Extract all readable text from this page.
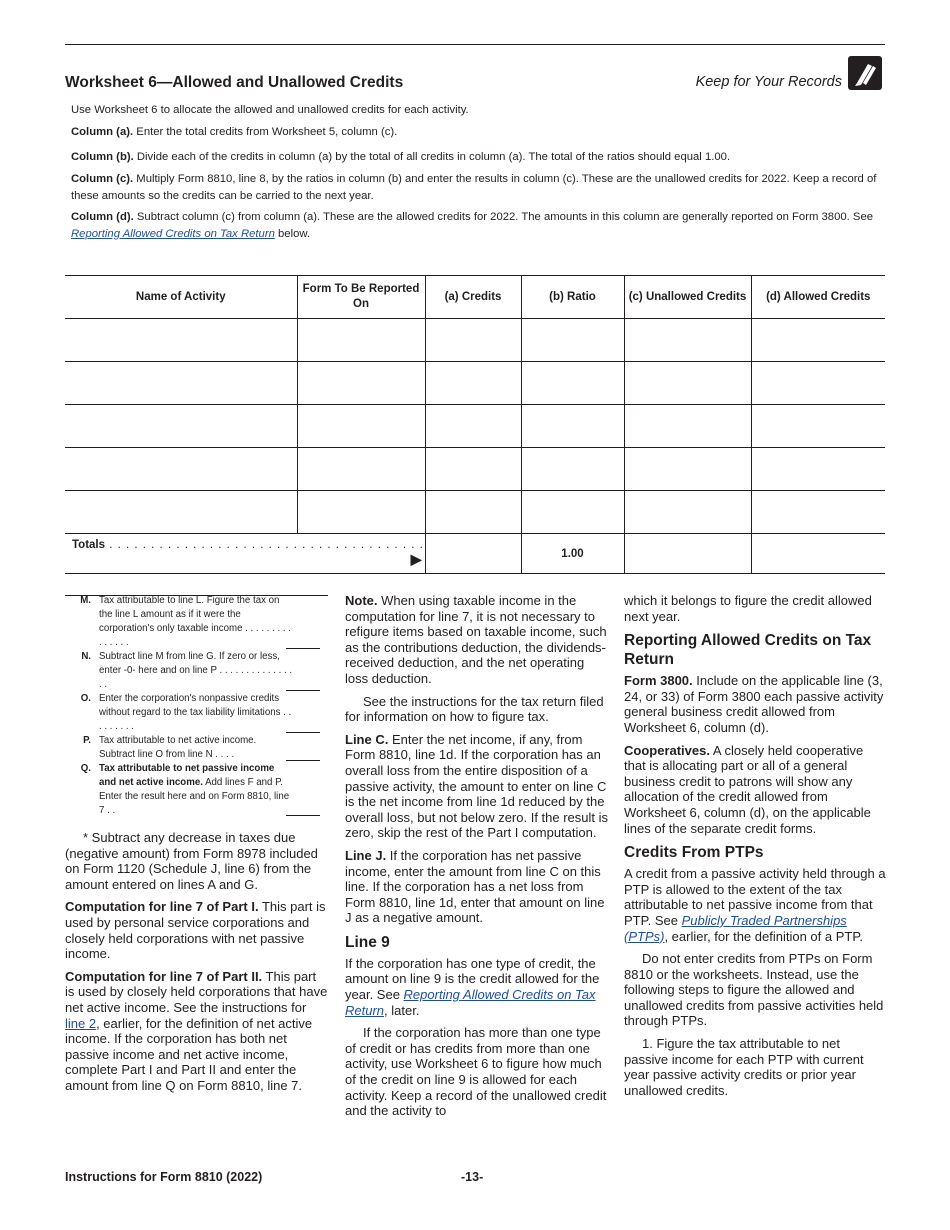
Worksheet 6—Allowed and Unallowed Credits	Keep for Your Records
Use Worksheet 6 to allocate the allowed and unallowed credits for each activity.
Column (a). Enter the total credits from Worksheet 5, column (c).
Column (b). Divide each of the credits in column (a) by the total of all credits in column (a). The total of the ratios should equal 1.00.
Column (c). Multiply Form 8810, line 8, by the ratios in column (b) and enter the results in column (c). These are the unallowed credits for 2022. Keep a record of these amounts so the credits can be carried to the next year.
Column (d). Subtract column (c) from column (a). These are the allowed credits for 2022. The amounts in this column are generally reported on Form 3800. See Reporting Allowed Credits on Tax Return below.
Name of Activity	Form To Be Reported On	(a) Credits	(b) Ratio	(c) Unallowed Credits	(d) Allowed Credits

Totals . . . . . . . . . . . . . . . . . . . . . . . . . . . . . . . . . . . . . .
▶			1.00		
M. Tax attributable to line L. Figure the tax on the line L amount as if it were the corporation's only taxable income . . . . . . . . . . . . . . .
N. Subtract line M from line G. If zero or less, enter -0- here and on line P . . . . . . . . . . . . . . . .
O. Enter the corporation's nonpassive credits without regard to the tax liability limitations . . . . . . . . .
P. Tax attributable to net active income. Subtract line O from line N . . . .
Q. Tax attributable to net passive income and net active income. Add lines F and P. Enter the result here and on Form 8810, line 7 . .

* Subtract any decrease in taxes due (negative amount) from Form 8978 included on Form 1120 (Schedule J, line 6) from the amount entered on lines A and G.

Computation for line 7 of Part I. This part is used by personal service corporations and closely held corporations with net passive income.

Computation for line 7 of Part II. This part is used by closely held corporations that have net active income. See the instructions for line 2, earlier, for the definition of net active income. If the corporation has both net passive income and net active income, complete Part I and Part II and enter the amount from line Q on Form 8810, line 7.

Note. When using taxable income in the computation for line 7, it is not necessary to refigure items based on taxable income, such as the contributions deduction, the dividends-received deduction, and the net operating loss deduction.

See the instructions for the tax return filed for information on how to figure tax.

Line C. Enter the net income, if any, from Form 8810, line 1d. If the corporation has an overall loss from the entire disposition of a passive activity, the amount to enter on line C is the net income from line 1d reduced by the overall loss, but not below zero. If the result is zero, skip the rest of the Part I computation.

Line J. If the corporation has net passive income, enter the amount from line C on this line. If the corporation has a net loss from Form 8810, line 1d, enter that amount on line J as a negative amount.

Line 9

If the corporation has one type of credit, the amount on line 9 is the credit allowed for the year. See Reporting Allowed Credits on Tax Return, later.

If the corporation has more than one type of credit or has credits from more than one activity, use Worksheet 6 to figure how much of the credit on line 9 is allowed for each activity. Keep a record of the unallowed credit and the activity to

which it belongs to figure the credit allowed next year.

Reporting Allowed Credits on Tax Return

Form 3800. Include on the applicable line (3, 24, or 33) of Form 3800 each passive activity general business credit allowed from Worksheet 6, column (d).

Cooperatives. A closely held cooperative that is allocating part or all of a general business credit to patrons will show any allocation of the credit allowed from Worksheet 6, column (d), on the applicable lines of the separate credit forms.

Credits From PTPs

A credit from a passive activity held through a PTP is allowed to the extent of the tax attributable to net passive income from that PTP. See Publicly Traded Partnerships (PTPs), earlier, for the definition of a PTP.

Do not enter credits from PTPs on Form 8810 or the worksheets. Instead, use the following steps to figure the allowed and unallowed credits from passive activities held through PTPs.

1. Figure the tax attributable to net passive income for each PTP with current year passive activity credits or prior year unallowed credits.

Instructions for Form 8810 (2022)	-13-
